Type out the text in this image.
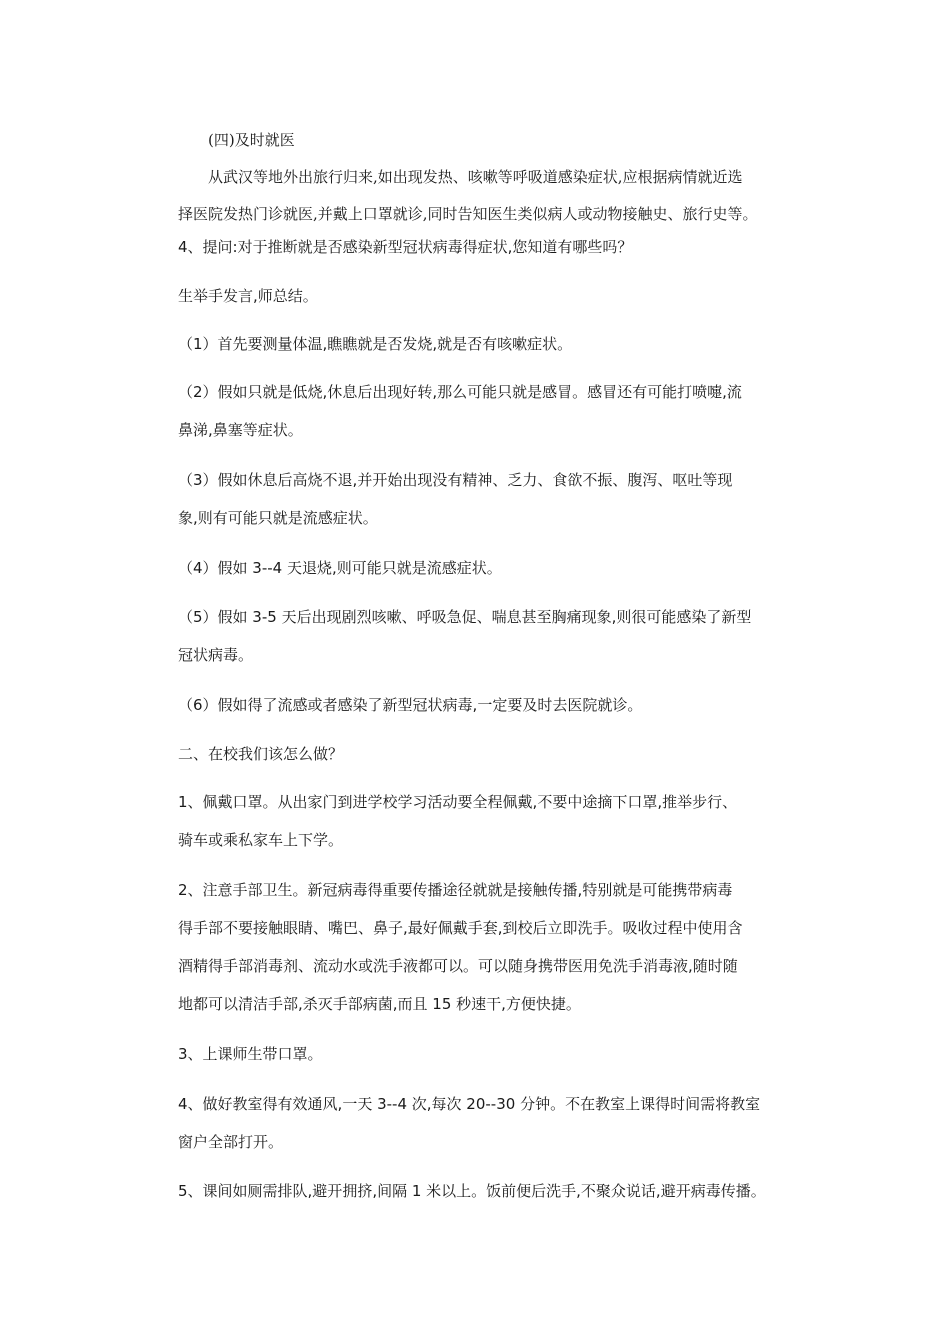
(四)及时就医
从武汉等地外出旅行归来,如出现发热、咳嗽等呼吸道感染症状,应根据病情就近选
择医院发热门诊就医,并戴上口罩就诊,同时告知医生类似病人或动物接触史、旅行史等。
4、提问:对于推断就是否感染新型冠状病毒得症状,您知道有哪些吗？
生举手发言,师总结。
（1）首先要测量体温,瞧瞧就是否发烧,就是否有咳嗽症状。
（2）假如只就是低烧,休息后出现好转,那么可能只就是感冒。感冒还有可能打喷嚏,流
鼻涕,鼻塞等症状。
（3）假如休息后高烧不退,并开始出现没有精神、乏力、食欲不振、腹泻、呕吐等现
象,则有可能只就是流感症状。
（4）假如 3--4 天退烧,则可能只就是流感症状。
（5）假如 3-5 天后出现剧烈咳嗽、呼吸急促、喘息甚至胸痛现象,则很可能感染了新型
冠状病毒。
（6）假如得了流感或者感染了新型冠状病毒,一定要及时去医院就诊。
二、在校我们该怎么做？
1、佩戴口罩。从出家门到进学校学习活动要全程佩戴,不要中途摘下口罩,推举步行、
骑车或乘私家车上下学。
2、注意手部卫生。新冠病毒得重要传播途径就就是接触传播,特别就是可能携带病毒
得手部不要接触眼睛、嘴巴、鼻子,最好佩戴手套,到校后立即洗手。吸收过程中使用含
酒精得手部消毒剂、流动水或洗手液都可以。可以随身携带医用免洗手消毒液,随时随
地都可以清洁手部,杀灭手部病菌,而且 15 秒速干,方便快捷。
3、上课师生带口罩。
4、做好教室得有效通风,一天 3--4 次,每次 20--30 分钟。不在教室上课得时间需将教室
窗户全部打开。
5、课间如厕需排队,避开拥挤,间隔 1 米以上。饭前便后洗手,不聚众说话,避开病毒传播。
